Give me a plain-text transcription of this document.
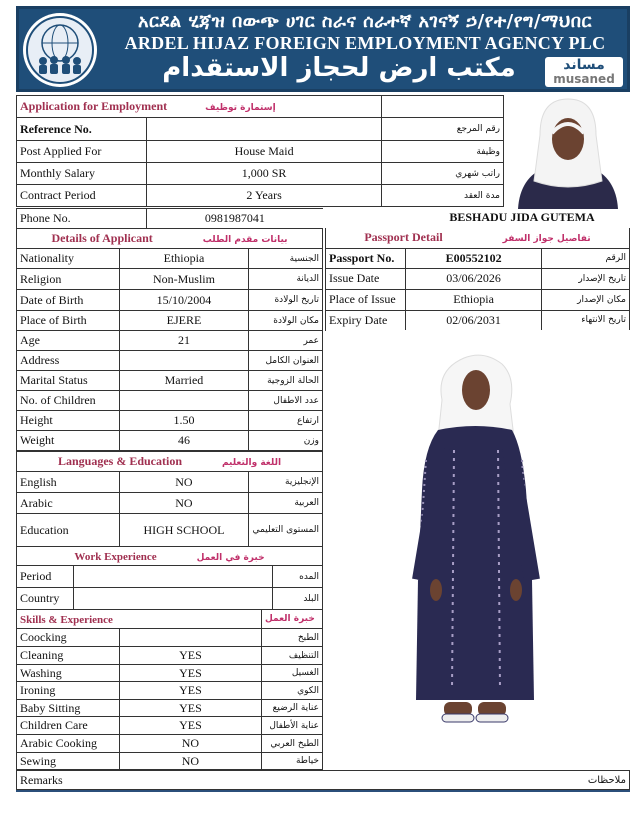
አርደል ሂጃዝ በውጭ ሀገር ስራና ሰራተኛ አገናኝ ኃ/የተ/የግ/ማህበር
ARDEL HIJAZ FOREIGN EMPLOYMENT AGENCY PLC
مكتب ارض لحجاز الاستقدام	مساند
musaned
Application for Employment إستمارة توظيف		
Reference No.		رقم المرجع
Post Applied For	House Maid	وظيفة
Monthly Salary	1,000 SR	راتب شهري
Contract Period	2 Years	مدة العقد
Phone No.	0981987041	BESHADU JIDA GUTEMA
Details of Applicant بيانات مقدم الطلب		
Nationality	Ethiopia	الجنسية
Religion	Non-Muslim	الديانة
Date of Birth	15/10/2004	تاريخ الولادة
Place of Birth	EJERE	مكان الولادة
Age	21	عمر
Address		العنوان الكامل
Marital Status	Married	الحالة الزوجية
No. of Children		عدد الاطفال
Height	1.50	ارتفاع
Weight	46	وزن
Passport Detail تفاصيل جواز السفر		
Passport No.	E00552102	الرقم
Issue Date	03/06/2026	تاريخ الإصدار
Place of Issue	Ethiopia	مكان الإصدار
Expiry Date	02/06/2031	تاريخ الانتهاء
Languages & Education اللغة والتعليم		
English	NO	الإنجليزية
Arabic	NO	العربية
Education	HIGH SCHOOL	المستوى التعليمي
Work Experience خبرة في العمل		
Period		المده
Country		البلد
Skills & Experience		خبرة العمل
Coocking		الطبخ
Cleaning	YES	التنظيف
Washing	YES	الغسيل
Ironing	YES	الكوي
Baby Sitting	YES	عناية الرضيع
Children Care	YES	عناية الأطفال
Arabic Cooking	NO	الطبخ العربي
Sewing	NO	خياطة
Remarks	ملاحظات
